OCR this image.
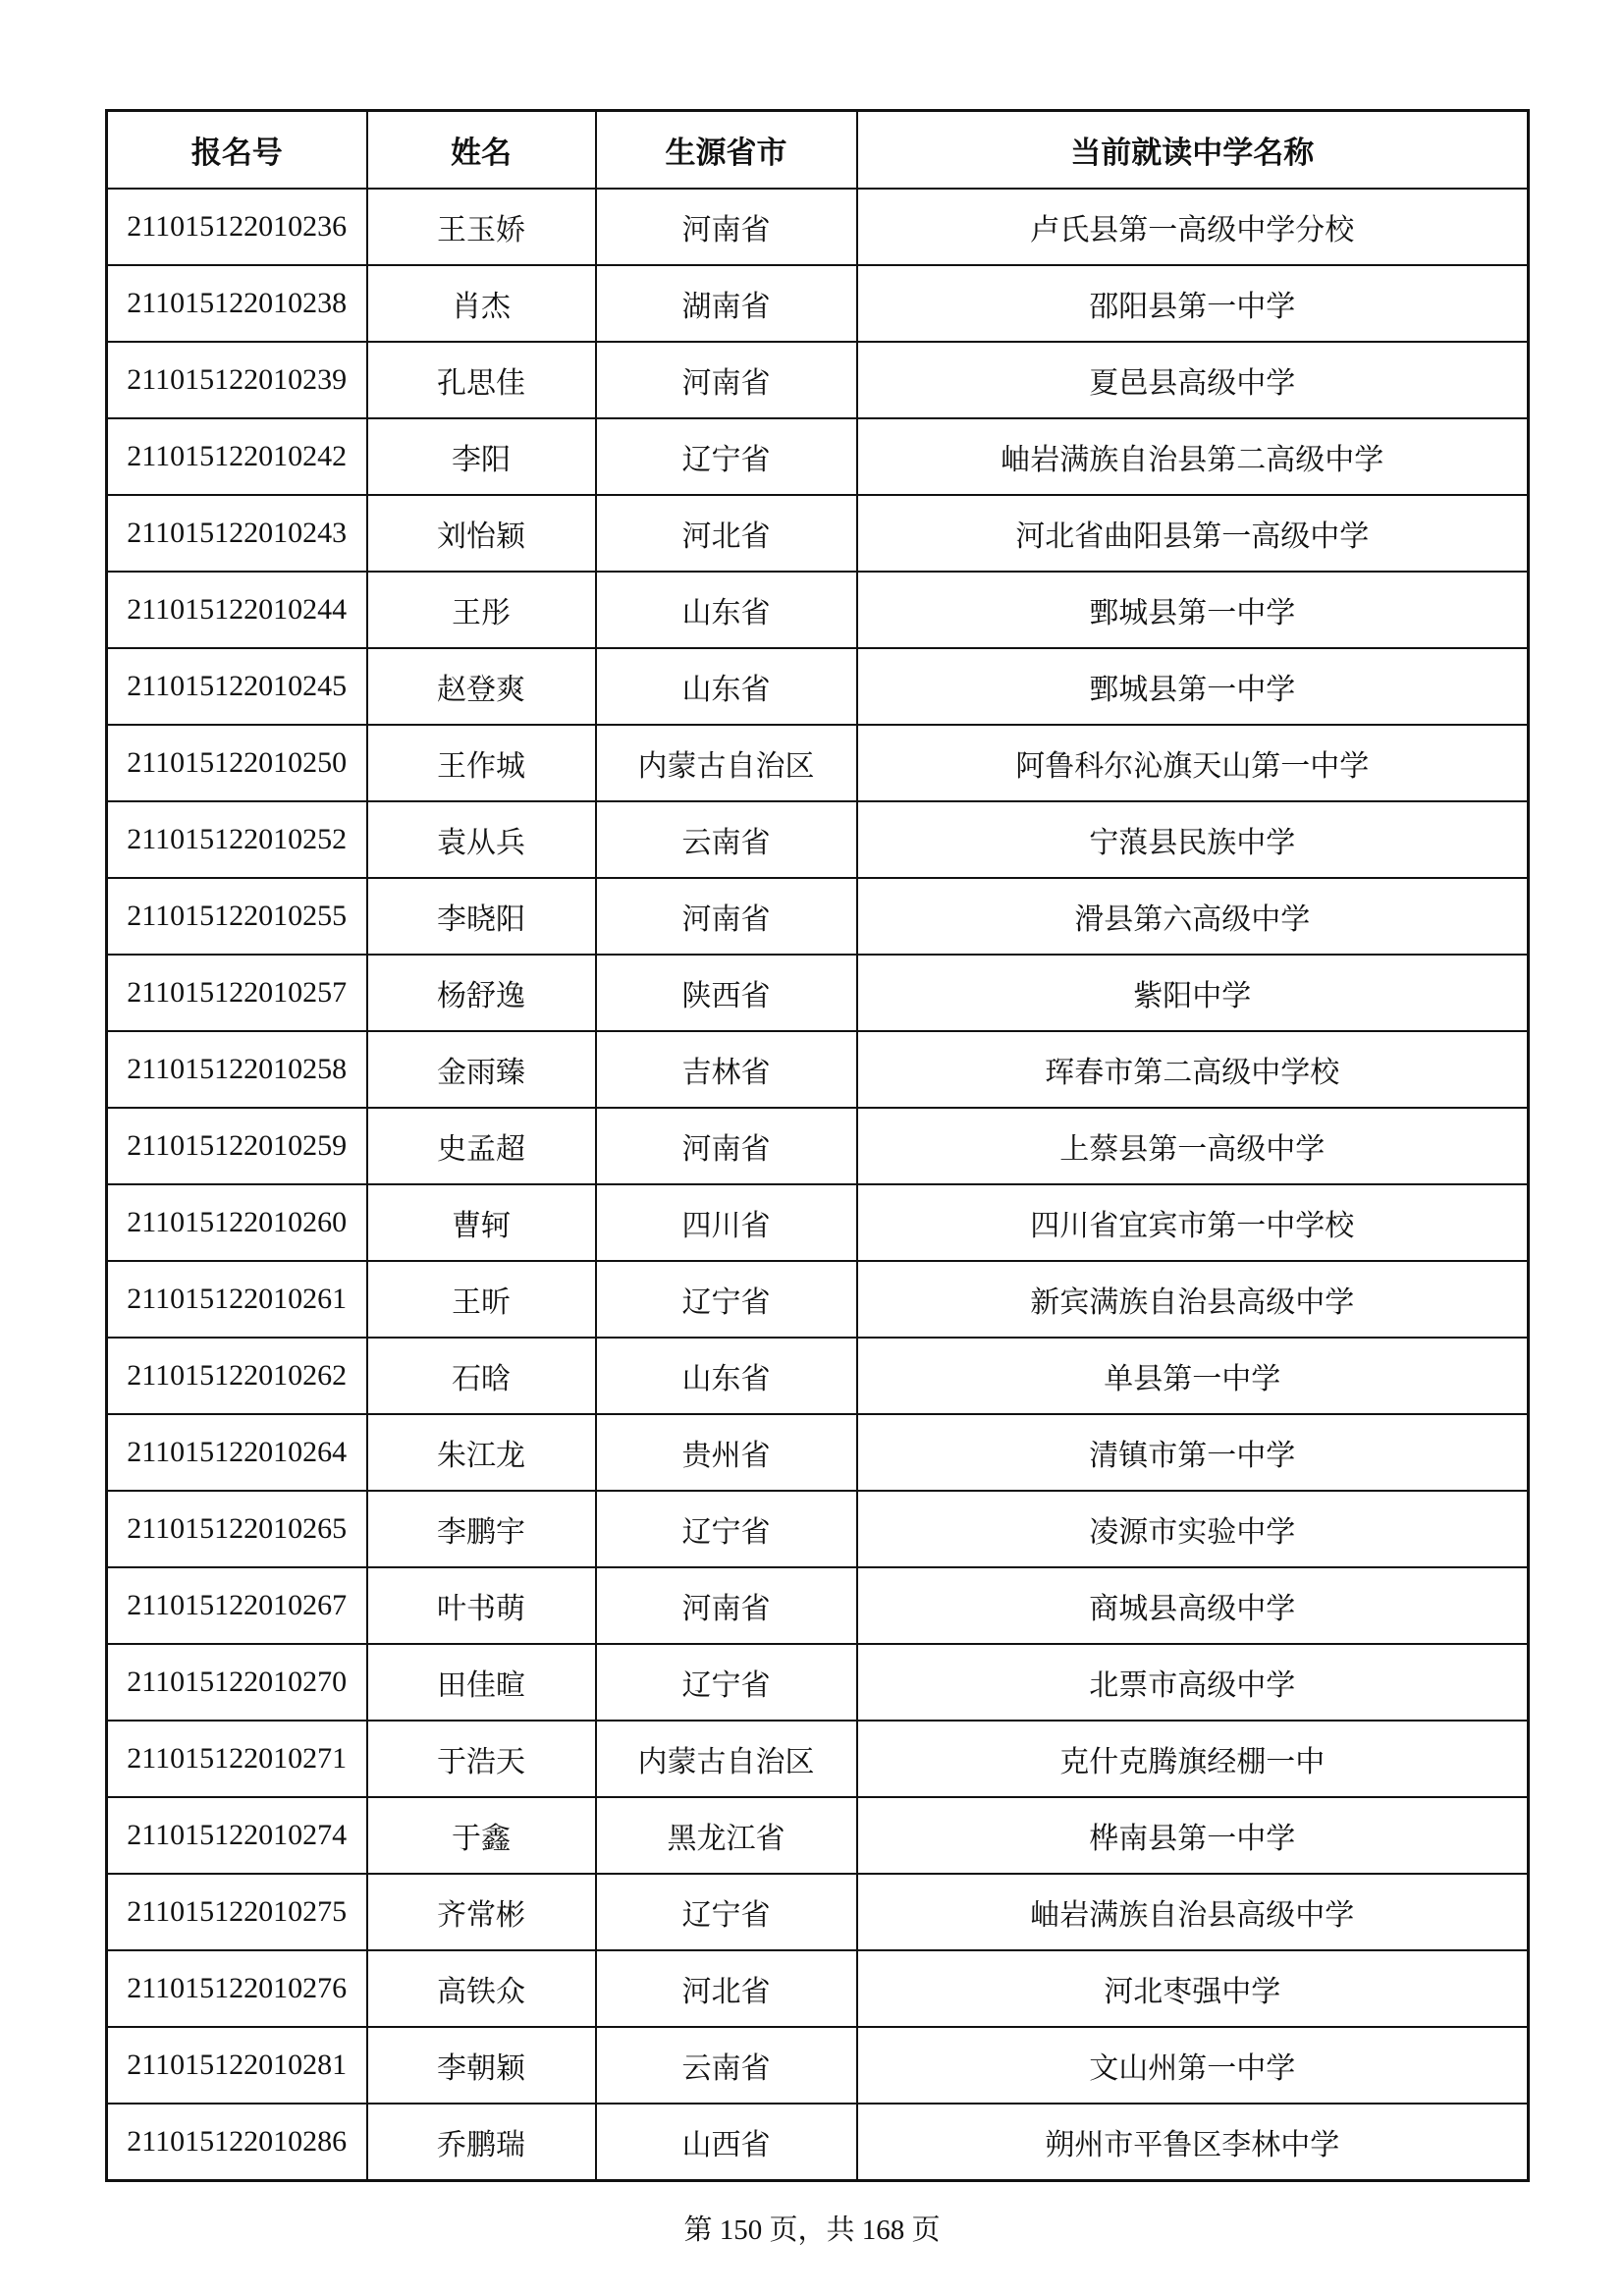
报名号	姓名	生源省市	当前就读中学名称
211015122010236	王玉娇	河南省	卢氏县第一高级中学分校
211015122010238	肖杰	湖南省	邵阳县第一中学
211015122010239	孔思佳	河南省	夏邑县高级中学
211015122010242	李阳	辽宁省	岫岩满族自治县第二高级中学
211015122010243	刘怡颖	河北省	河北省曲阳县第一高级中学
211015122010244	王彤	山东省	鄄城县第一中学
211015122010245	赵登爽	山东省	鄄城县第一中学
211015122010250	王作城	内蒙古自治区	阿鲁科尔沁旗天山第一中学
211015122010252	袁从兵	云南省	宁蒗县民族中学
211015122010255	李晓阳	河南省	滑县第六高级中学
211015122010257	杨舒逸	陕西省	紫阳中学
211015122010258	金雨臻	吉林省	珲春市第二高级中学校
211015122010259	史孟超	河南省	上蔡县第一高级中学
211015122010260	曹轲	四川省	四川省宜宾市第一中学校
211015122010261	王昕	辽宁省	新宾满族自治县高级中学
211015122010262	石晗	山东省	单县第一中学
211015122010264	朱江龙	贵州省	清镇市第一中学
211015122010265	李鹏宇	辽宁省	凌源市实验中学
211015122010267	叶书萌	河南省	商城县高级中学
211015122010270	田佳暄	辽宁省	北票市高级中学
211015122010271	于浩天	内蒙古自治区	克什克腾旗经棚一中
211015122010274	于鑫	黑龙江省	桦南县第一中学
211015122010275	齐常彬	辽宁省	岫岩满族自治县高级中学
211015122010276	高铁众	河北省	河北枣强中学
211015122010281	李朝颖	云南省	文山州第一中学
211015122010286	乔鹏瑞	山西省	朔州市平鲁区李林中学
第 150 页，共 168 页
